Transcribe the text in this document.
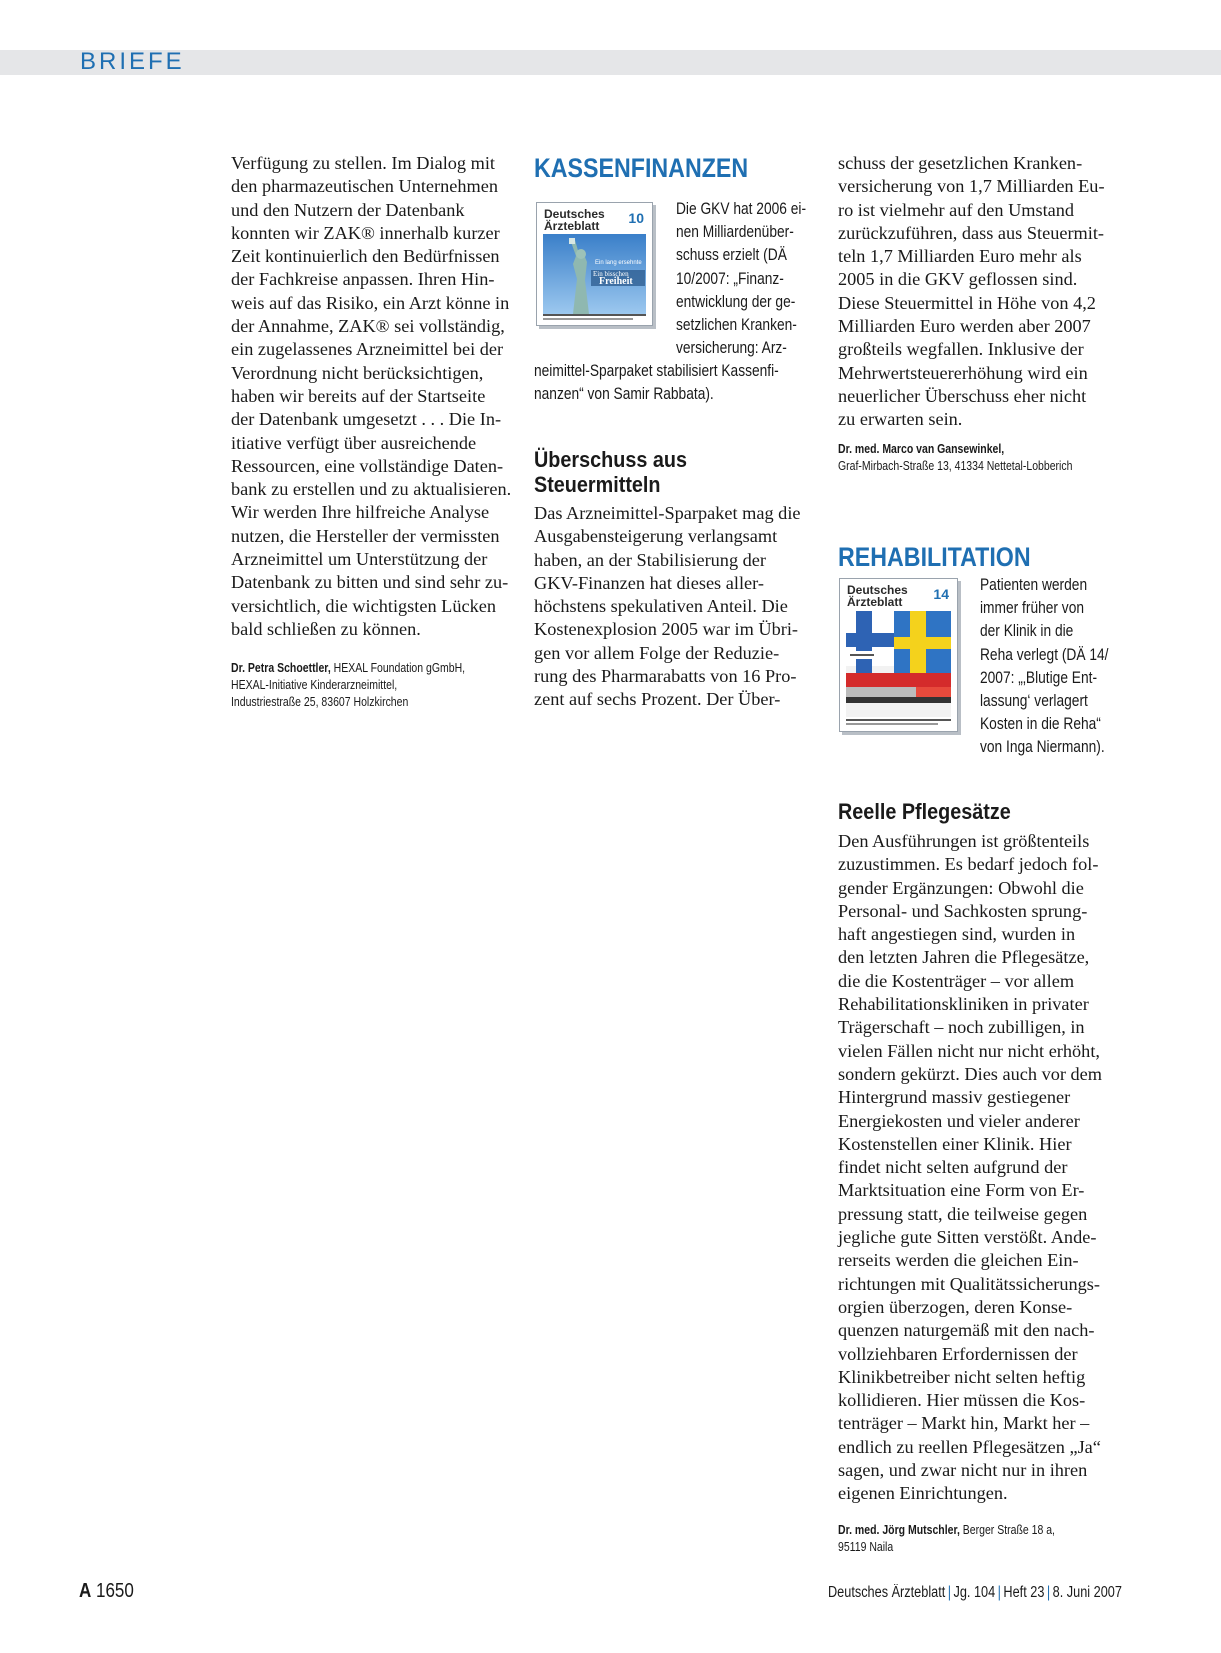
BRIEFE
Verfügung zu stellen. Im Dialog mit
den pharmazeutischen Unternehmen
und den Nutzern der Datenbank
konnten wir ZAK® innerhalb kurzer
Zeit kontinuierlich den Bedürfnissen
der Fachkreise anpassen. Ihren Hin-
weis auf das Risiko, ein Arzt könne in
der Annahme, ZAK® sei vollständig,
ein zugelassenes Arzneimittel bei der
Verordnung nicht berücksichtigen,
haben wir bereits auf der Startseite
der Datenbank umgesetzt . . . Die In-
itiative verfügt über ausreichende
Ressourcen, eine vollständige Daten-
bank zu erstellen und zu aktualisieren.
Wir werden Ihre hilfreiche Analyse
nutzen, die Hersteller der vermissten
Arzneimittel um Unterstützung der
Datenbank zu bitten und sind sehr zu-
versichtlich, die wichtigsten Lücken
bald schließen zu können.
Dr. Petra Schoettler, HEXAL Foundation gGmbH,
HEXAL-Initiative Kinderarzneimittel,
Industriestraße 25, 83607 Holzkirchen
KASSENFINANZEN
Deutsches
Ärzteblatt	10
Ein lang ersehnte
Ein bisschen
Freiheit
Die GKV hat 2006 ei-
nen Milliardenüber-
schuss erzielt (DÄ
10/2007: „Finanz-
entwicklung der ge-
setzlichen Kranken-
versicherung: Arz-
neimittel-Sparpaket stabilisiert Kassenfi-
nanzen“ von Samir Rabbata).
Überschuss aus
Steuermitteln
Das Arzneimittel-Sparpaket mag die
Ausgabensteigerung verlangsamt
haben, an der Stabilisierung der
GKV-Finanzen hat dieses aller-
höchstens spekulativen Anteil. Die
Kostenexplosion 2005 war im Übri-
gen vor allem Folge der Reduzie-
rung des Pharmarabatts von 16 Pro-
zent auf sechs Prozent. Der Über-
schuss der gesetzlichen Kranken-
versicherung von 1,7 Milliarden Eu-
ro ist vielmehr auf den Umstand
zurückzuführen, dass aus Steuermit-
teln 1,7 Milliarden Euro mehr als
2005 in die GKV geflossen sind.
Diese Steuermittel in Höhe von 4,2
Milliarden Euro werden aber 2007
großteils wegfallen. Inklusive der
Mehrwertsteuererhöhung wird ein
neuerlicher Überschuss eher nicht
zu erwarten sein.
Dr. med. Marco van Gansewinkel,
Graf-Mirbach-Straße 13, 41334 Nettetal-Lobberich
REHABILITATION
Deutsches
Ärzteblatt	14 Patienten werden
immer früher von
der Klinik in die
Reha verlegt (DÄ 14/
2007: „‚Blutige Ent-
lassung‘ verlagert
Kosten in die Reha“
von Inga Niermann).
Reelle Pflegesätze
Den Ausführungen ist größtenteils
zuzustimmen. Es bedarf jedoch fol-
gender Ergänzungen: Obwohl die
Personal- und Sachkosten sprung-
haft angestiegen sind, wurden in
den letzten Jahren die Pflegesätze,
die die Kostenträger – vor allem
Rehabilitationskliniken in privater
Trägerschaft – noch zubilligen, in
vielen Fällen nicht nur nicht erhöht,
sondern gekürzt. Dies auch vor dem
Hintergrund massiv gestiegener
Energiekosten und vieler anderer
Kostenstellen einer Klinik. Hier
findet nicht selten aufgrund der
Marktsituation eine Form von Er-
pressung statt, die teilweise gegen
jegliche gute Sitten verstößt. Ande-
rerseits werden die gleichen Ein-
richtungen mit Qualitätssicherungs-
orgien überzogen, deren Konse-
quenzen naturgemäß mit den nach-
vollziehbaren Erfordernissen der
Klinikbetreiber nicht selten heftig
kollidieren. Hier müssen die Kos-
tenträger – Markt hin, Markt her –
endlich zu reellen Pflegesätzen „Ja“
sagen, und zwar nicht nur in ihren
eigenen Einrichtungen.
Dr. med. Jörg Mutschler, Berger Straße 18 a,
95119 Naila
A 1650	Deutsches Ärzteblatt | Jg. 104 | Heft 23 | 8. Juni 2007
